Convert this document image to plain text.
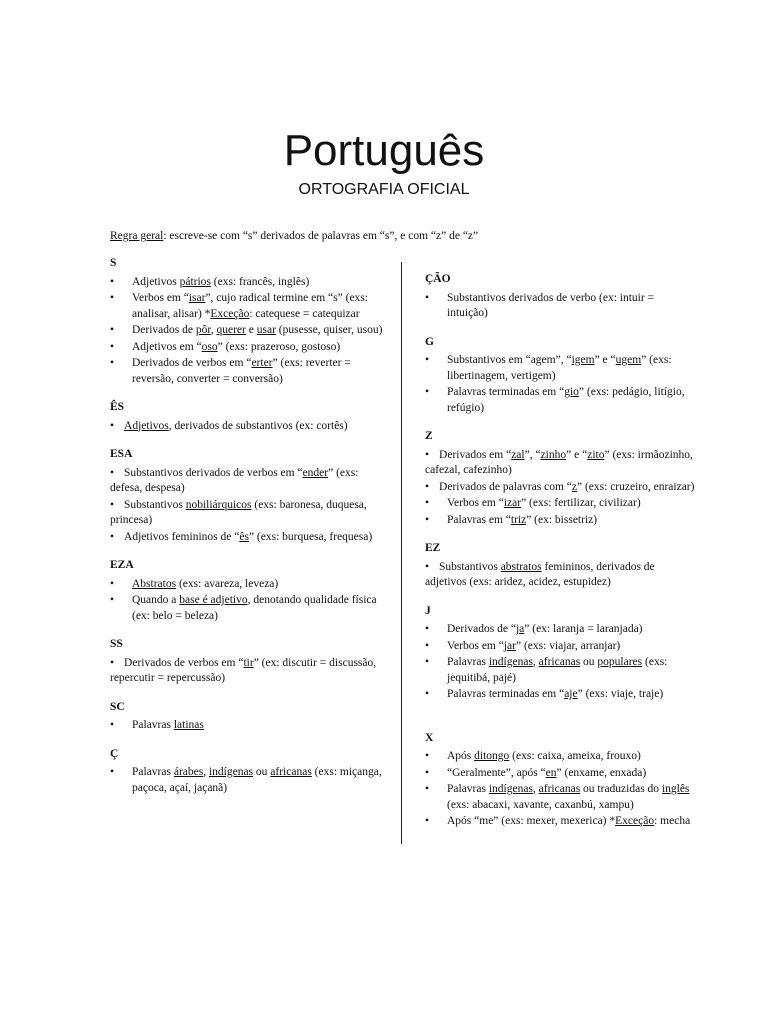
Português
ORTOGRAFIA OFICIAL
Regra geral: escreve-se com “s” derivados de palavras em “s”, e com “z” de “z”
S
• Adjetivos pátrios (exs: francês, inglês)
• Verbos em “isar”, cujo radical termine em “s” (exs: analisar, alisar) *Exceção: catequese = catequizar
• Derivados de pôr, querer e usar (pusesse, quiser, usou)
• Adjetivos em “oso” (exs: prazeroso, gostoso)
• Derivados de verbos em “erter” (exs: reverter = reversão, converter = conversão)
ÊS
• Adjetivos, derivados de substantivos (ex: cortês)
ESA
• Substantivos derivados de verbos em “ender” (exs: defesa, despesa)
• Substantivos nobiliárquicos (exs: baronesa, duquesa, princesa)
• Adjetivos femininos de “ês” (exs: burquesa, frequesa)
EZA
• Abstratos (exs: avareza, leveza)
• Quando a base é adjetivo, denotando qualidade física (ex: belo = beleza)
SS
• Derivados de verbos em “tir” (ex: discutir = discussão, repercutir = repercussão)
SC
• Palavras latinas
Ç
• Palavras árabes, indígenas ou africanas (exs: miçanga, paçoca, açaí, jaçanã)
ÇÃO
• Substantivos derivados de verbo (ex: intuir = intuição)
G
• Substantivos em “agem”, “igem” e “ugem” (exs: libertinagem, vertigem)
• Palavras terminadas em “gio” (exs: pedágio, litígio, refúgio)
Z
• Derivados em “zal”, “zinho” e “zito” (exs: irmãozinho, cafezal, cafezinho)
• Derivados de palavras com “z” (exs: cruzeiro, enraizar)
• Verbos em “izar” (exs: fertilizar, civilizar)
• Palavras em “triz” (ex: bissetriz)
EZ
• Substantivos abstratos femininos, derivados de adjetivos (exs: aridez, acidez, estupidez)
J
• Derivados de “ja” (ex: laranja = laranjada)
• Verbos em “jar” (exs: viajar, arranjar)
• Palavras indígenas, africanas ou populares (exs: jequitibá, pajé)
• Palavras terminadas em “aje” (exs: viaje, traje)
X
• Após ditongo (exs: caixa, ameixa, frouxo)
• “Geralmente”, após “en” (enxame, enxada)
• Palavras indígenas, africanas ou traduzidas do inglês (exs: abacaxi, xavante, caxanbú, xampu)
• Após “me” (exs: mexer, mexerica) *Exceção: mecha
